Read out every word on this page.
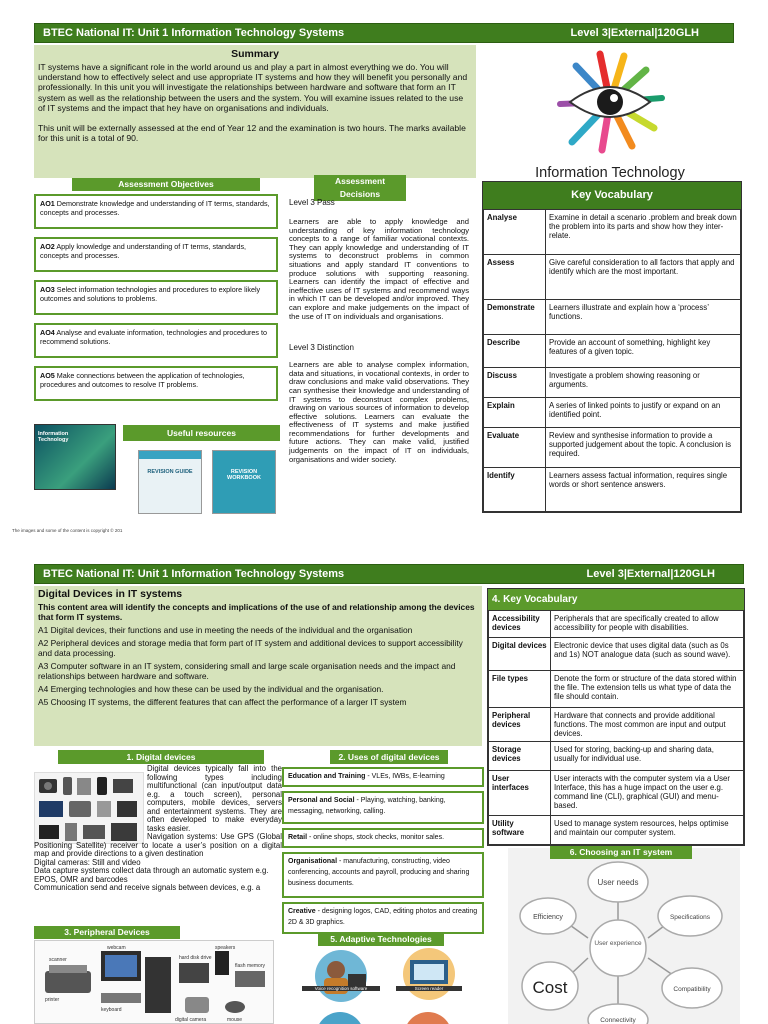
BTEC National IT: Unit 1 Information Technology Systems	Level 3|External|120GLH
Summary

IT systems have a significant role in the world around us and play a part in almost everything we do. You will understand how to effectively select and use appropriate IT systems and how they will benefit you personally and professionally. In this unit you will investigate the relationships between hardware and software that form an IT system as well as the relationship between the users and the system. You will examine issues related to the use of IT systems and the impact that hey have on organisations and individuals.

This unit will be externally assessed at the end of Year 12 and the examination is two hours. The marks available for this unit is a total of 90.

Information Technology
Assessment Objectives
AO1 Demonstrate knowledge and understanding of IT terms, standards, concepts and processes.
AO2 Apply knowledge and understanding of IT terms, standards, concepts and processes.
AO3 Select information technologies and procedures to explore likely outcomes and solutions to problems.
AO4 Analyse and evaluate information, technologies and procedures to recommend solutions.
AO5 Make connections between the application of technologies, procedures and outcomes to resolve IT problems.
Information Technology
Useful resources
REVISION GUIDE	REVISION WORKBOOK
Assessment Decisions
Level 3 Pass

Learners are able to apply knowledge and understanding of key information technology concepts to a range of familiar vocational contexts. They can apply knowledge and understanding of IT systems to deconstruct problems in common situations and apply standard IT conventions to produce solutions with supporting reasoning. Learners can identify the impact of effective and ineffective uses of IT systems and recommend ways in which IT can be developed and/or improved. They can explore and make judgements on the impact of the use of IT on individuals and organisations.

Level 3 Distinction

Learners are able to analyse complex information, data and situations, in vocational contexts, in order to draw conclusions and make valid observations. They can synthesise their knowledge and understanding of IT systems to deconstruct complex problems, drawing on various sources of information to develop effective solutions. Learners can evaluate the effectiveness of IT systems and make justified recommendations for further developments and future actions. They can make valid, justified judgements on the impact of IT on individuals, organisations and wider society.

Key Vocabulary
Analyse	Examine in detail a scenario .problem and break down the problem into its parts and show how they inter-relate.
Assess	Give careful consideration to all factors that apply and identify which are the most important.
Demonstrate	Learners illustrate and explain how a ‘process’ functions.
Describe	Provide an account of something, highlight key features of a given topic.
Discuss	Investigate a problem showing reasoning or arguments.
Explain	A series of linked points to justify or expand on an identified point.
Evaluate	Review and synthesise information to provide a supported judgement about the topic. A conclusion is required.
Identify	Learners assess factual information, requires single words or short sentence answers.
The images and some of the content is copyright © 201
BTEC National IT: Unit 1 Information Technology Systems	Level 3|External|120GLH
Digital Devices in IT systems

This content area will identify the concepts and implications of the use of and relationship among the devices that form IT systems.

A1 Digital devices, their functions and use in meeting the needs of the individual and the organisation

A2 Peripheral devices and storage media that form part of IT system and additional devices to support accessibility and data processing.

A3 Computer software in an IT system, considering small and large scale organisation needs and the impact and relationships between hardware and software.

A4 Emerging technologies and how these can be used by the individual and the organisation.

A5 Choosing IT systems, the different features that can affect the performance of a larger IT system

1. Digital devices

Digital devices typically fall into the following types including multifunctional (can input/output data e.g. a touch screen), personal computers, mobile devices, servers and entertainment systems. They are often developed to make everyday tasks easier.

Navigation systems: Use GPS (Global Positioning Satellite) receiver to locate a user’s position on a digital map and provide directions to a given destination

Digital cameras: Still and video

Data capture systems collect data through an automatic system e.g. EPOS, OMR and barcodes

Communication send and receive signals between devices, e.g. a

3. Peripheral Devices
printer
webcam
scanner
speakers
keyboard
mouse
digital camera
hard disk drive
flash memory
2. Uses of digital devices
Education and Training - VLEs, IWBs, E-learning
Personal and Social - Playing, watching, banking, messaging, networking, calling.
Retail - online shops, stock checks, monitor sales.
Organisational - manufacturing, constructing, video conferencing, accounts and payroll, producing and sharing business documents.
Creative - designing logos, CAD, editing photos and creating 2D & 3D graphics.
5. Adaptive Technologies
Voice recognition software	Screen reader
4. Key Vocabulary
Accessibility devices	Peripherals that are specifically created to allow accessibility for people with disabilities.
Digital devices	Electronic device that uses digital data (such as 0s and 1s) NOT analogue data (such as sound wave).
File types	Denote the form or structure of the data stored within the file. The extension tells us what type of data the file should contain.
Peripheral devices	Hardware that connects and provide additional functions. The most common are input and output devices.
Storage devices	Used for storing, backing-up and sharing data, usually for individual use.
User interfaces	User interacts with the computer system via a User Interface, this has a huge impact on the user e.g. command line (CLI), graphical (GUI) and menu-based.
Utility software	Used to manage system resources, helps optimise and maintain our computer system.
User experience
User needs
Specifications
Compatibility
Connectivity
Cost
Efficiency
6. Choosing an IT system
